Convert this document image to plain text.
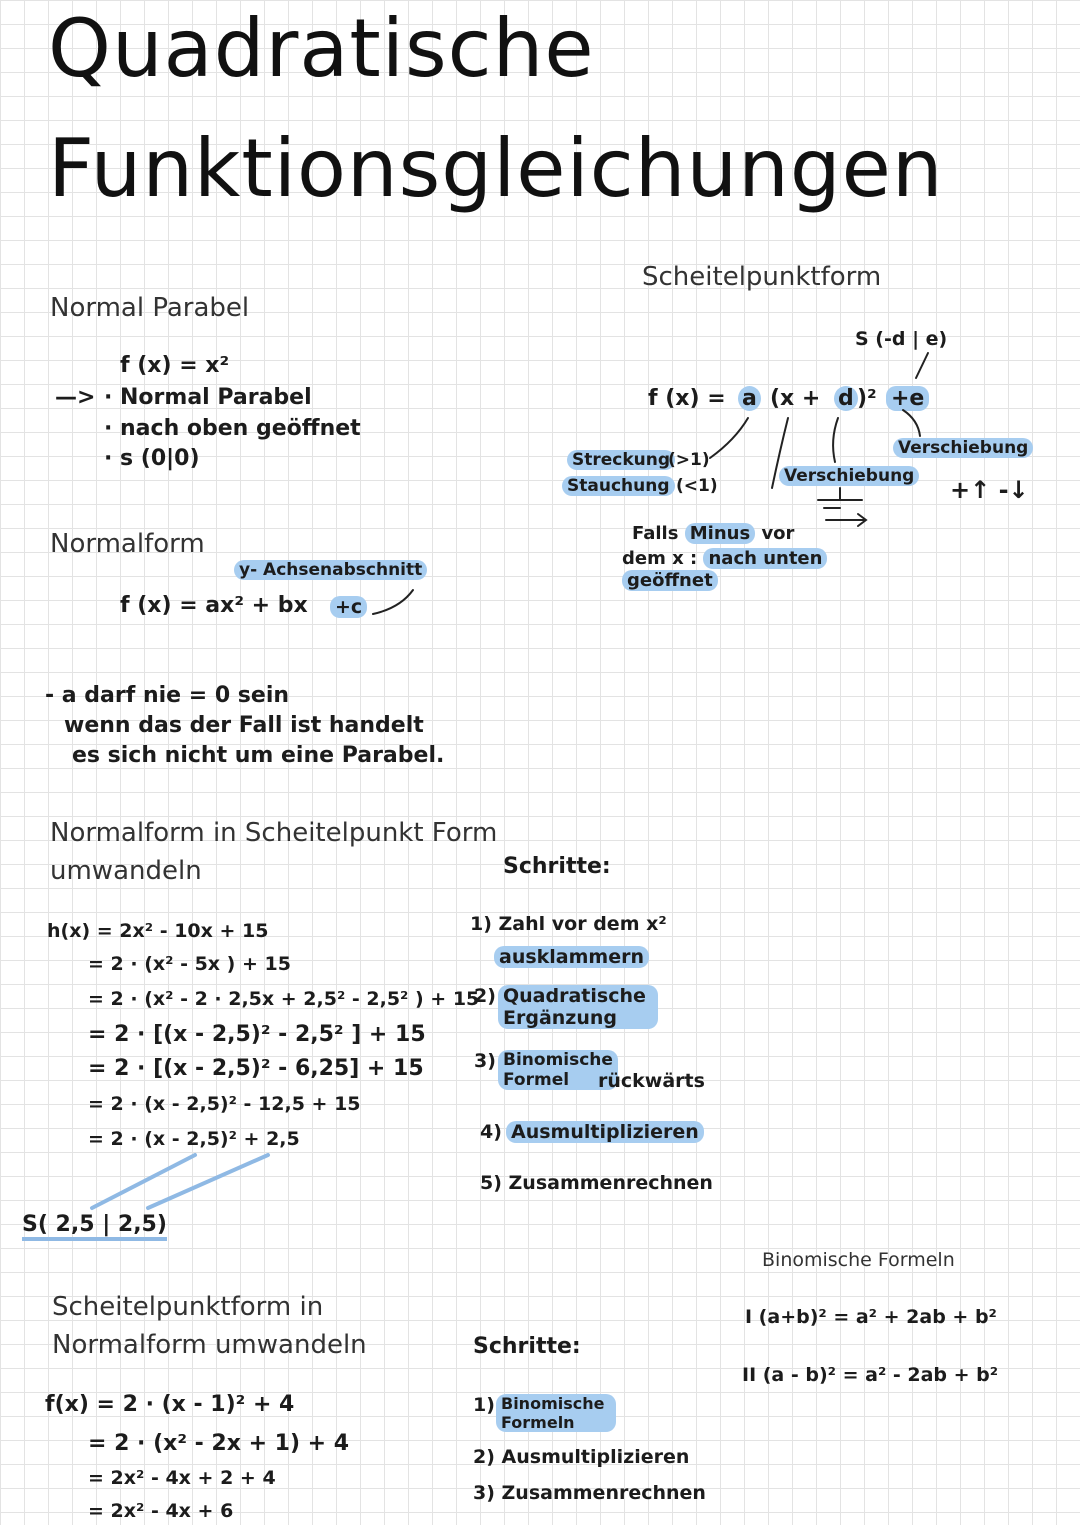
Quadratische
Funktionsgleichungen
Normal Parabel
f (x) = x²
—> · Normal Parabel
· nach oben geöffnet
· s (0|0)
Scheitelpunktform
S (-d | e)
f (x) = a (x + d )² +e
Streckung
(>1)
Stauchung (<1)	Verschiebung
Verschiebung
+↑ -↓
Falls Minus vor
dem x : nach unten
geöffnet
Normalform
y- Achsenabschnitt
f (x) = ax² + bx +c
- a darf nie = 0 sein
wenn das der Fall ist handelt
es sich nicht um eine Parabel.
Normalform in Scheitelpunkt Form
umwandeln	Schritte:
h(x) = 2x² - 10x + 15
= 2 · (x² - 5x ) + 15
= 2 · (x² - 2 · 2,5x + 2,5² - 2,5² ) + 15
= 2 · [(x - 2,5)² - 2,5² ] + 15
= 2 · [(x - 2,5)² - 6,25] + 15
= 2 · (x - 2,5)² - 12,5 + 15
= 2 · (x - 2,5)² + 2,5
S( 2,5 | 2,5)
1) Zahl vor dem x²
ausklammern
2) Quadratische Ergänzung
3) Binomische Formel	rückwärts
4) Ausmultiplizieren
5) Zusammenrechnen
Binomische Formeln
I (a+b)² = a² + 2ab + b²
II (a - b)² = a² - 2ab + b²
Scheitelpunktform in
Normalform umwandeln	Schritte:
f(x) = 2 · (x - 1)² + 4
= 2 · (x² - 2x + 1) + 4
= 2x² - 4x + 2 + 4
= 2x² - 4x + 6
1) Binomische Formeln
2) Ausmultiplizieren
3) Zusammenrechnen
